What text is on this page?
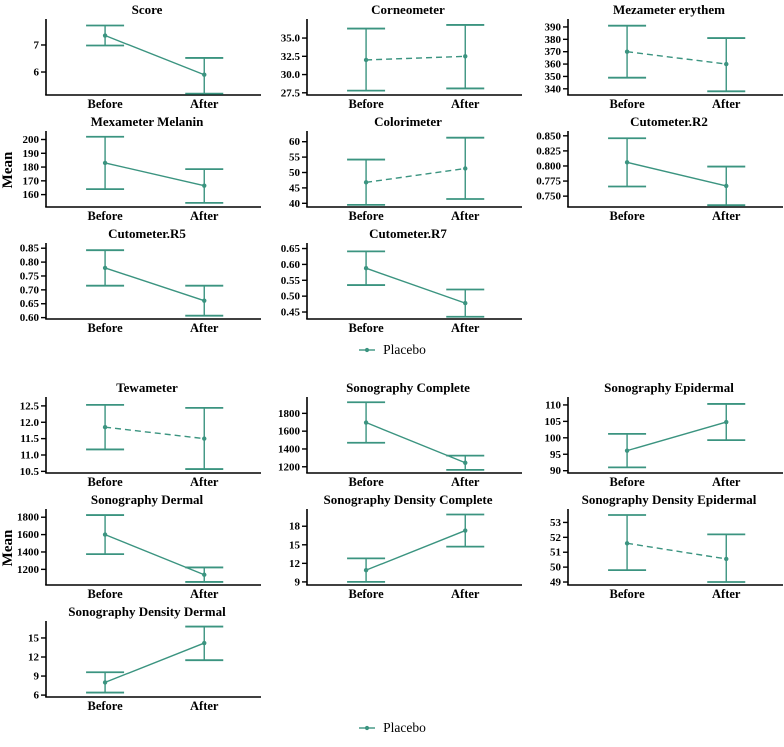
Mean
Score
6
7
Before	After
Corneometer
27.5
30.0
32.5
35.0
Before	After
Mezameter erythem
340
350
360
370
380
390
Before	After
Mexameter Melanin
160
170
180
190
200
Before	After
Colorimeter
40
45
50
55
60
Before	After
Cutometer.R2
0.750
0.775
0.800
0.825
0.850
Before	After
Cutometer.R5
0.60
0.65
0.70
0.75
0.80
0.85
Before	After
Cutometer.R7
0.45
0.50
0.55
0.60
0.65
Before	After
Placebo
Mean
Tewameter
10.5
11.0
11.5
12.0
12.5
Before	After
Sonography Complete
1200
1400
1600
1800
Before	After
Sonography Epidermal
90
95
100
105
110
Before	After
Sonography Dermal
1200
1400
1600
1800
Before	After
Sonography Density Complete
9
12
15
18
Before	After
Sonography Density Epidermal
49
50
51
52
53
Before	After
Sonography Density Dermal
6
9
12
15
Before	After
Placebo
